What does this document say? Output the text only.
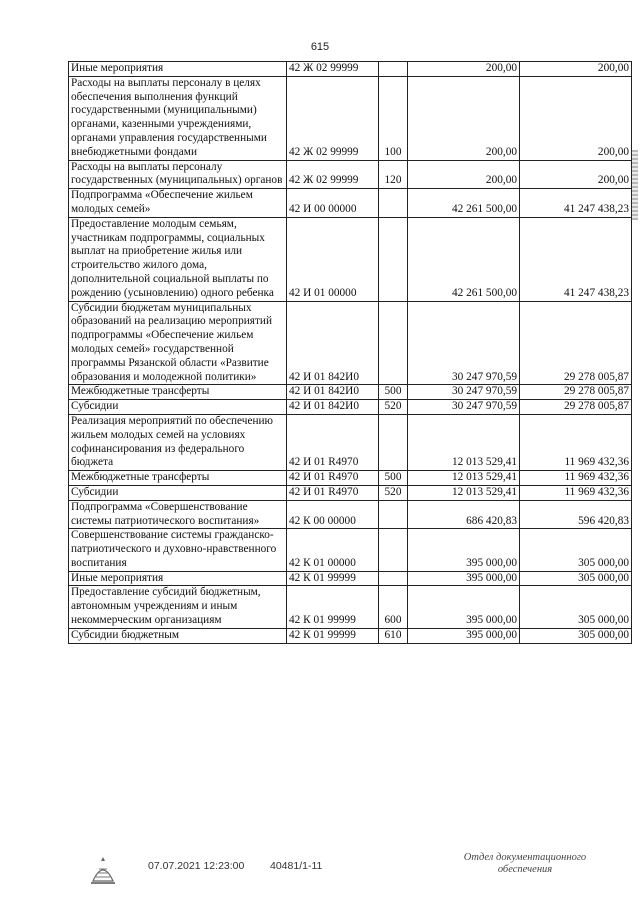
615
Иные мероприятия	42 Ж 02 99999		200,00	200,00
Расходы на выплаты персоналу в целях обеспечения выполнения функций государственными (муниципальными) органами, казенными учреждениями, органами управления государственными внебюджетными фондами	42 Ж 02 99999	100	200,00	200,00
Расходы на выплаты персоналу государственных (муниципальных) органов	42 Ж 02 99999	120	200,00	200,00
Подпрограмма «Обеспечение жильем молодых семей»	42 И 00 00000		42 261 500,00	41 247 438,23
Предоставление молодым семьям, участникам подпрограммы, социальных выплат на приобретение жилья или строительство жилого дома, дополнительной социальной выплаты по рождению (усыновлению) одного ребенка	42 И 01 00000		42 261 500,00	41 247 438,23
Субсидии бюджетам муниципальных образований на реализацию мероприятий подпрограммы «Обеспечение жильем молодых семей» государственной программы Рязанской области «Развитие образования и молодежной политики»	42 И 01 842И0		30 247 970,59	29 278 005,87
Межбюджетные трансферты	42 И 01 842И0	500	30 247 970,59	29 278 005,87
Субсидии	42 И 01 842И0	520	30 247 970,59	29 278 005,87
Реализация мероприятий по обеспечению жильем молодых семей на условиях софинансирования из федерального бюджета	42 И 01 R4970		12 013 529,41	11 969 432,36
Межбюджетные трансферты	42 И 01 R4970	500	12 013 529,41	11 969 432,36
Субсидии	42 И 01 R4970	520	12 013 529,41	11 969 432,36
Подпрограмма «Совершенствование системы патриотического воспитания»	42 К 00 00000		686 420,83	596 420,83
Совершенствование системы гражданско-патриотического и духовно-нравственного воспитания	42 К 01 00000		395 000,00	305 000,00
Иные мероприятия	42 К 01 99999		395 000,00	305 000,00
Предоставление субсидий бюджетным, автономным учреждениям и иным некоммерческим организациям	42 К 01 99999	600	395 000,00	305 000,00
Субсидии бюджетным	42 К 01 99999	610	395 000,00	305 000,00
07.07.2021 12:23:00 40481/1-11
Отдел документационного обеспечения
